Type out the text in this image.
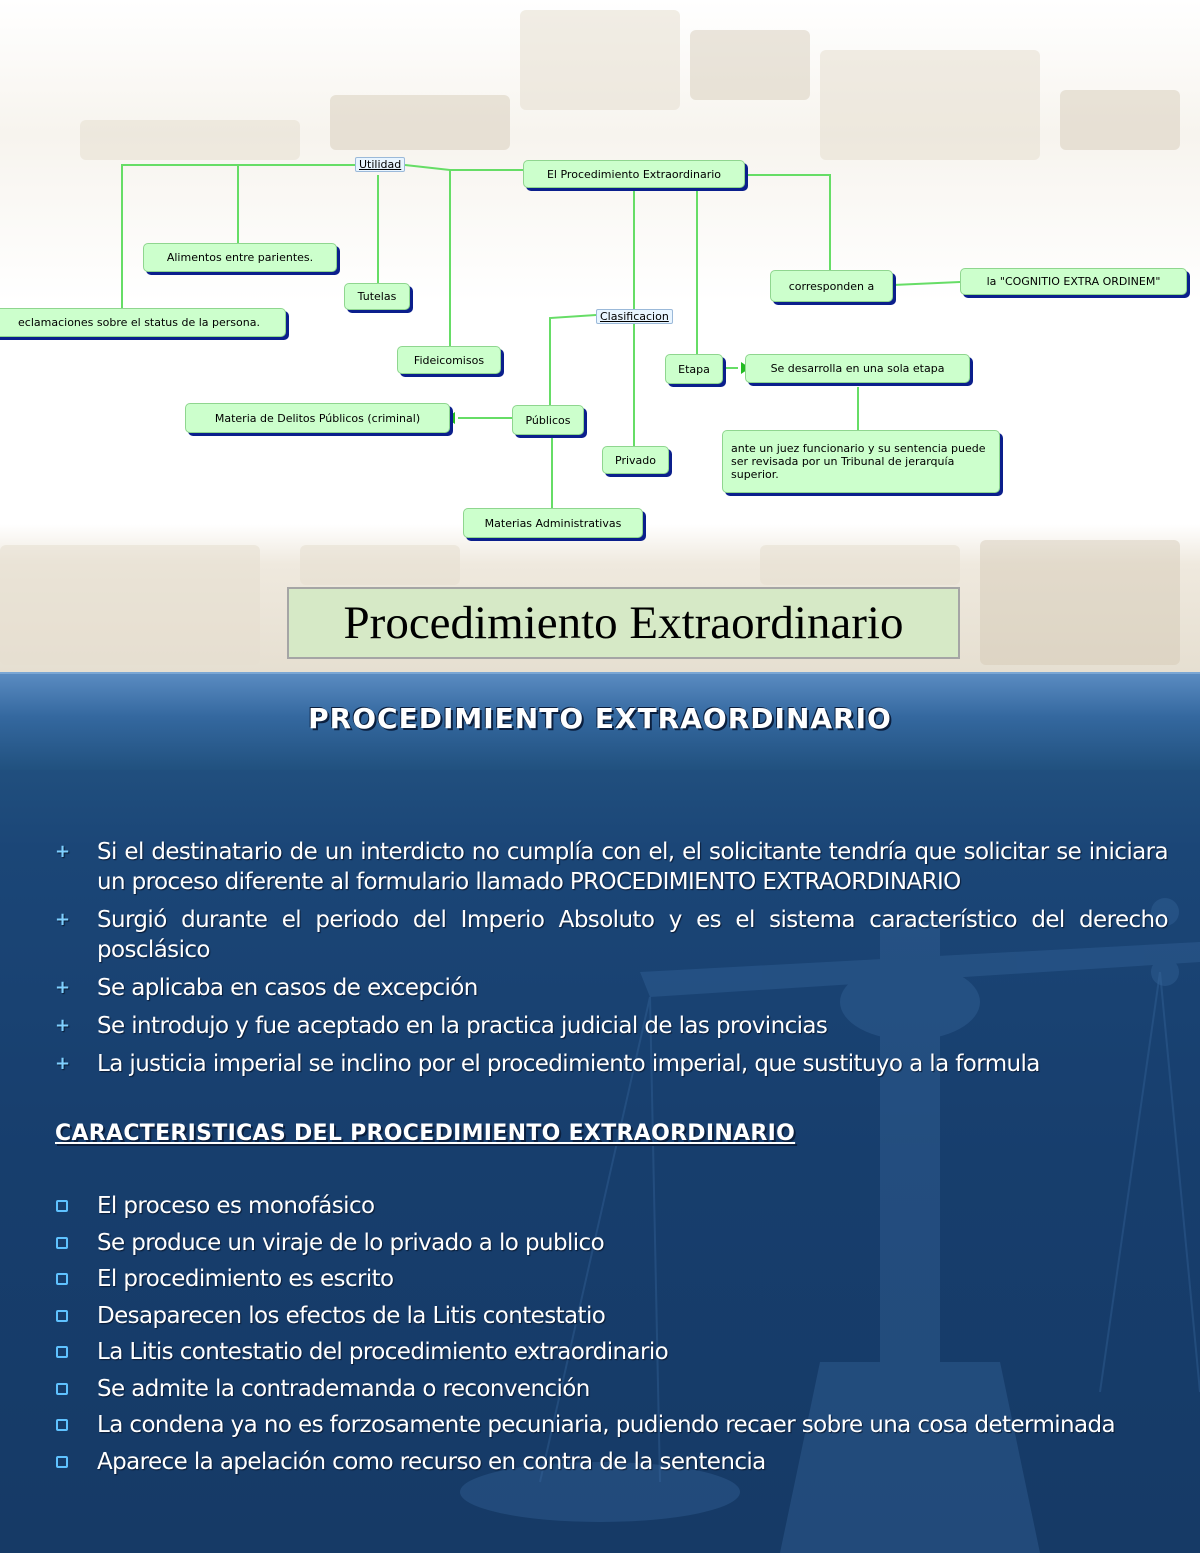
El Procedimiento Extraordinario
Utilidad
Alimentos entre parientes.
eclamaciones sobre el status de la persona.
Tutelas
Fideicomisos
corresponden a	la "COGNITIO EXTRA ORDINEM"
Clasificacion
Etapa	Se desarrolla en una sola etapa
ante un juez funcionario y su sentencia puede ser revisada por un Tribunal de jerarquía superior.
Materia de Delitos Públicos (criminal)	Públicos
Privado
Materias Administrativas
Procedimiento Extraordinario
PROCEDIMIENTO EXTRAORDINARIO
+ Si el destinatario de un interdicto no cumplía con el, el solicitante tendría que solicitar se iniciara un proceso diferente al formulario llamado PROCEDIMIENTO EXTRAORDINARIO
+ Surgió durante el periodo del Imperio Absoluto y es el sistema característico del derecho posclásico
+ Se aplicaba en casos de excepción
+ Se introdujo y fue aceptado en la practica judicial de las provincias
+ La justicia imperial se inclino por el procedimiento imperial, que sustituyo a la formula
CARACTERISTICAS DEL PROCEDIMIENTO EXTRAORDINARIO
El proceso es monofásico
Se produce un viraje de lo privado a lo publico
El procedimiento es escrito
Desaparecen los efectos de la Litis contestatio
La Litis contestatio del procedimiento extraordinario
Se admite la contrademanda o reconvención
La condena ya no es forzosamente pecuniaria, pudiendo recaer sobre una cosa determinada
Aparece la apelación como recurso en contra de la sentencia
